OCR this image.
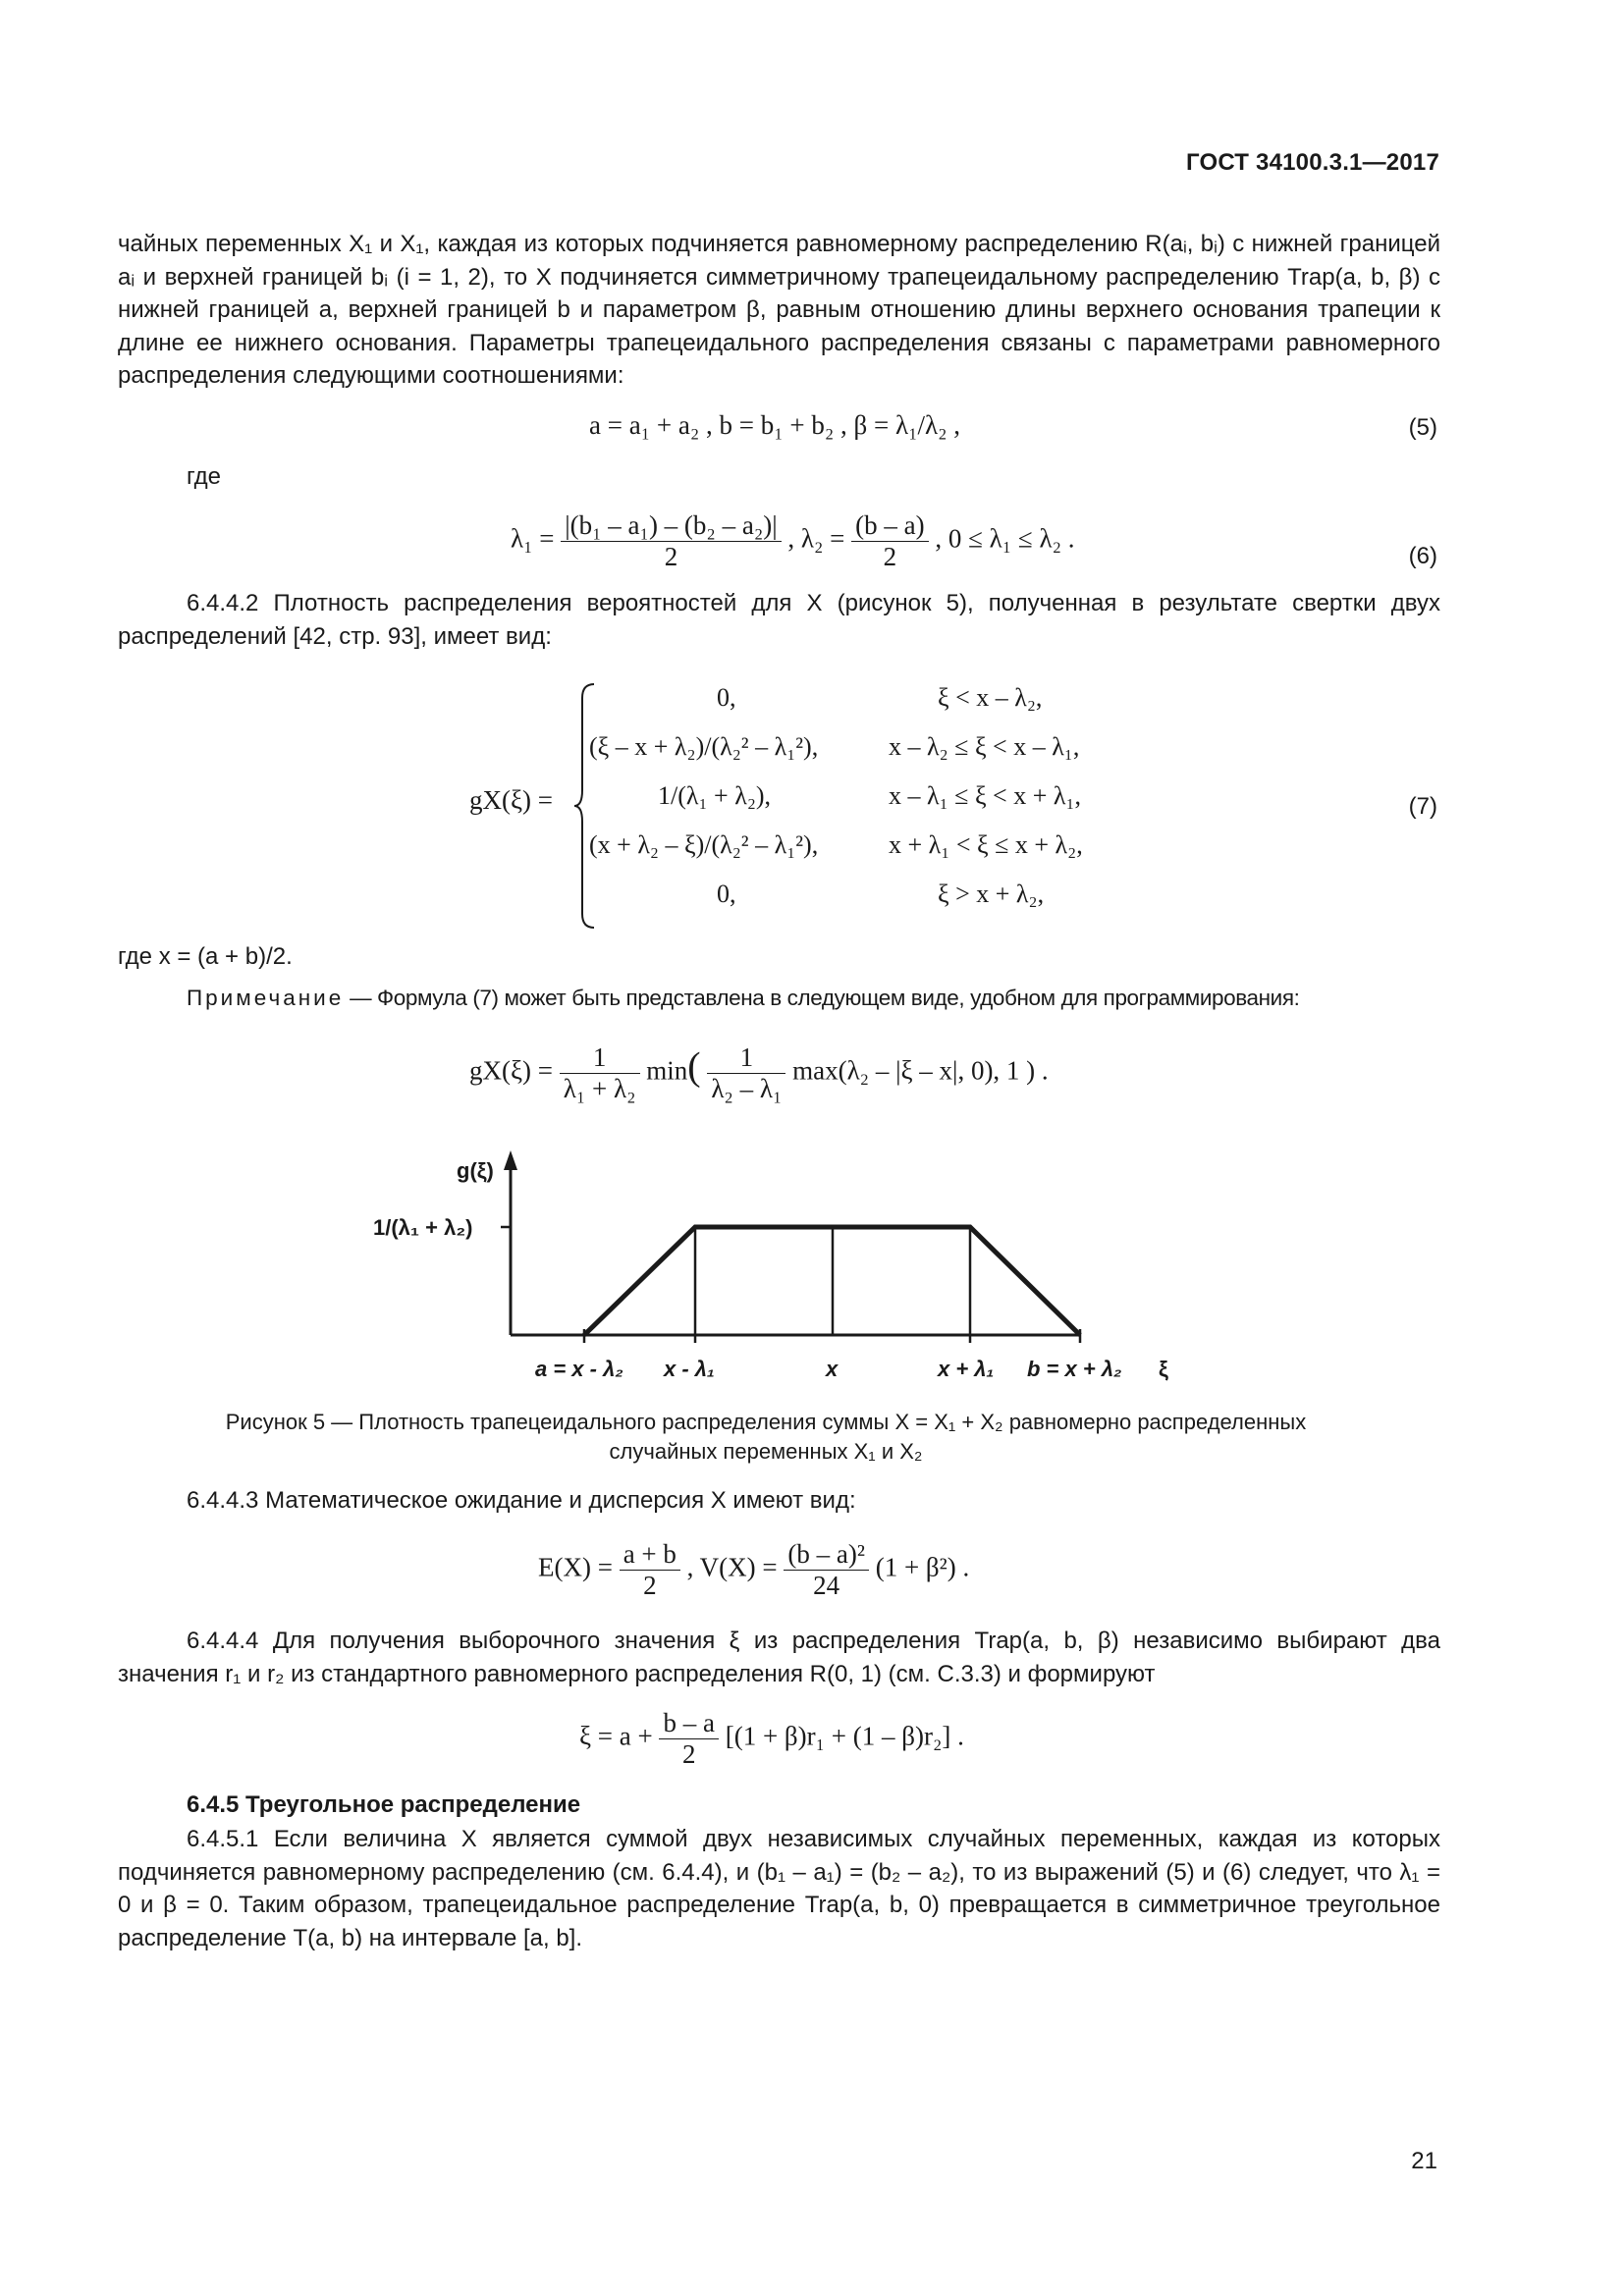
ГОСТ 34100.3.1—2017
чайных переменных X₁ и X₁, каждая из которых подчиняется равномерному распределению R(aᵢ, bᵢ) с нижней границей aᵢ и верхней границей bᵢ (i = 1, 2), то X подчиняется симметричному трапецеидальному распределению Trap(a, b, β) с нижней границей a, верхней границей b и параметром β, равным отношению длины верхнего основания трапеции к длине ее нижнего основания. Параметры трапецеидального распределения связаны с параметрами равномерного распределения следующими соотношениями:
a = a₁ + a₂ , b = b₁ + b₂ , β = λ₁/λ₂ ,	(5)
где
$\lambda_1 = \frac{\text{|(b₁ – a₁) – (b₂ – a₂)|}}{2}$ , $\lambda_2 = \frac{(b - a)}{2}$ , 0 ≤ λ₁ ≤ λ₂ .
(6)
6.4.4.2 Плотность распределения вероятностей для X (рисунок 5), полученная в результате свертки двух распределений [42, стр. 93], имеет вид:
gX(ξ) =
0,	ξ < x – λ₂,
(ξ – x + λ₂)/(λ₂² – λ₁²),	x – λ₂ ≤ ξ < x – λ₁,
1/(λ₁ + λ₂),	x – λ₁ ≤ ξ < x + λ₁,
(x + λ₂ – ξ)/(λ₂² – λ₁²),	x + λ₁ < ξ ≤ x + λ₂,
0,	ξ > x + λ₂,
(7)
где x = (a + b)/2.
Примечание — Формула (7) может быть представлена в следующем виде, удобном для программирования:
$gX(\xi) = \frac{1}{\text{λ₁ + λ₂}} \min( \frac{1}{\text{λ₂ – λ₁}} \max(\lambda_2 - |\xi - x|$, 0), 1 ) .
g(ξ)
1/(λ₁ + λ₂)
ξ
a = x - λ₂ x - λ₁	x	x + λ₁ b = x + λ₂
Рисунок 5 — Плотность трапецеидального распределения суммы X = X₁ + X₂ равномерно распределенных
случайных переменных X₁ и X₂
6.4.4.3 Математическое ожидание и дисперсия X имеют вид:
$E(X) = \frac{a + b}{2}$ , $V(X) = \frac{\text{(b – a)²}}{24} (1 + \beta^2)$ .
6.4.4.4 Для получения выборочного значения ξ из распределения Trap(a, b, β) независимо выбирают два значения r₁ и r₂ из стандартного равномерного распределения R(0, 1) (см. С.3.3) и формируют
$\xi = a + \frac{b - a}{2} [(1 + \beta)r_1 + (1 - \beta)r_2]$ .
6.4.5 Треугольное распределение
6.4.5.1 Если величина X является суммой двух независимых случайных переменных, каждая из которых подчиняется равномерному распределению (см. 6.4.4), и (b₁ – a₁) = (b₂ – a₂), то из выражений (5) и (6) следует, что λ₁ = 0 и β = 0. Таким образом, трапецеидальное распределение Trap(a, b, 0) превращается в симметричное треугольное распределение T(a, b) на интервале [a, b].
21
